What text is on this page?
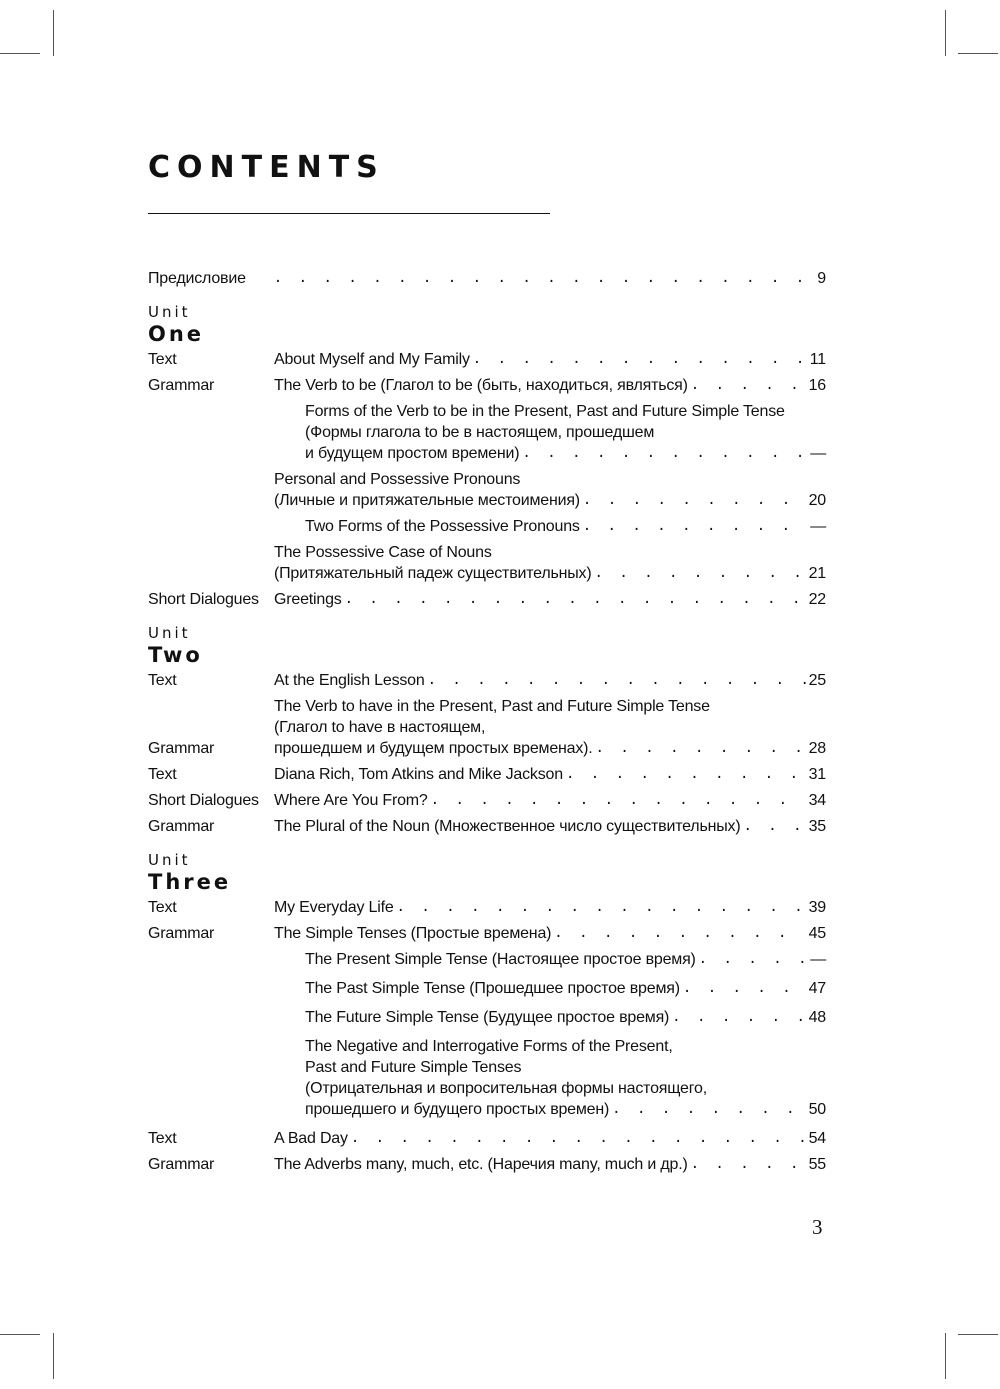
CONTENTS
Предисловие . . .	9
Unit
One
Text	About Myself and My Family . . .	11
Grammar	The Verb to be (Глагол to be (быть, находиться, являться) . . .	16
Forms of the Verb to be in the Present, Past and Future Simple Tense
(Формы глагола to be в настоящем, прошедшем
и будущем простом времени) . . .	—
Personal and Possessive Pronouns
(Личные и притяжательные местоимения) . . .	20
Two Forms of the Possessive Pronouns . . .	—
The Possessive Case of Nouns
(Притяжательный падеж существительных) . . .	21
Short Dialogues Greetings . . .	22
Unit
Two
Text	At the English Lesson . . .	25
Grammar
The Verb to have in the Present, Past and Future Simple Tense
(Глагол to have в настоящем,
прошедшем и будущем простых временах). . . .	28
Text	Diana Rich, Tom Atkins and Mike Jackson . . .	31
Short Dialogues Where Are You From? . . .	34
Grammar	The Plural of the Noun (Множественное число существительных) . . .	35
Unit
Three
Text	My Everyday Life . . .	39
Grammar	The Simple Tenses (Простые времена) . . .	45
The Present Simple Tense (Настоящее простое время) . . .	—
The Past Simple Tense (Прошедшее простое время) . . .	47
The Future Simple Tense (Будущее простое время) . . .	48
The Negative and Interrogative Forms of the Present,
Past and Future Simple Tenses
(Отрицательная и вопросительная формы настоящего,
прошедшего и будущего простых времен) . . .	50
Text	A Bad Day . . .	54
Grammar	The Adverbs many, much, etc. (Наречия many, much и др.) . . .	55
3
